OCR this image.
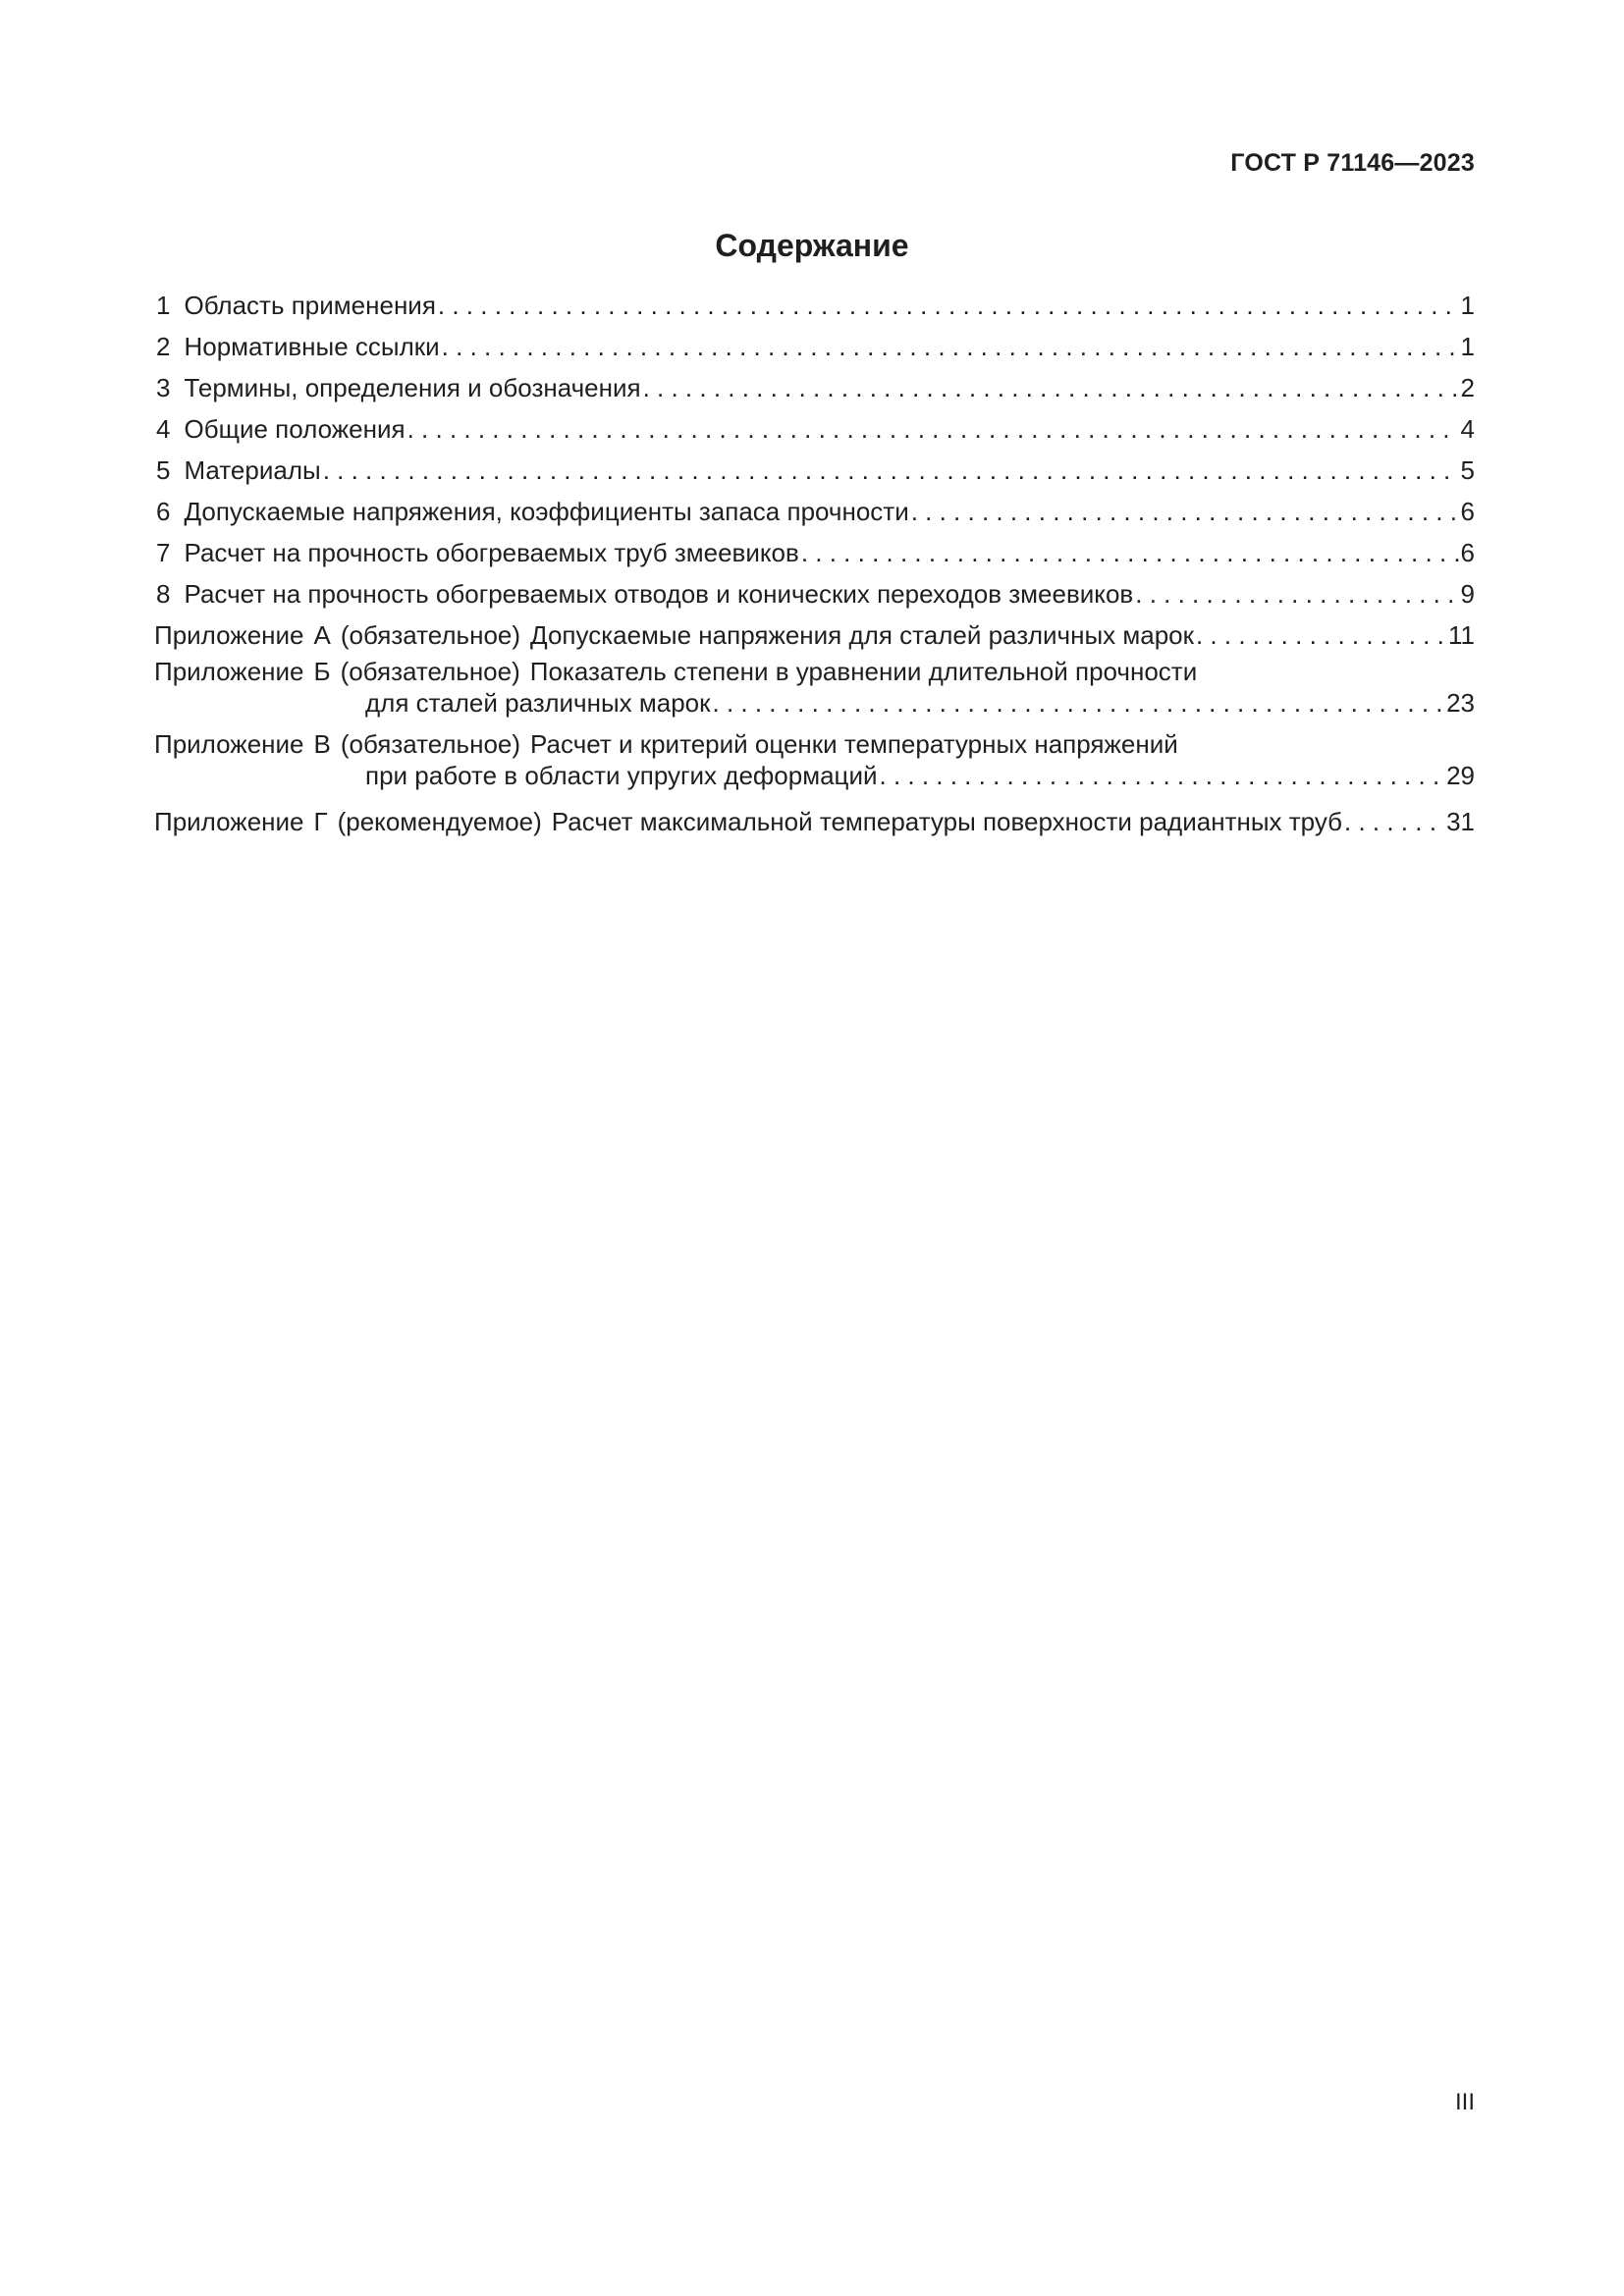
ГОСТ Р 71146—2023
Содержание
1 Область применения . . .	1
2 Нормативные ссылки . . .	1
3 Термины, определения и обозначения . . .	2
4 Общие положения . . .	4
5 Материалы . . .	5
6 Допускаемые напряжения, коэффициенты запаса прочности . . .	6
7 Расчет на прочность обогреваемых труб змеевиков . . .	6
8 Расчет на прочность обогреваемых отводов и конических переходов змеевиков . . .	9
Приложение А (обязательное) Допускаемые напряжения для сталей различных марок . . .	11
Приложение Б (обязательное) Показатель степени в уравнении длительной прочности
для сталей различных марок . . .	23
Приложение В (обязательное) Расчет и критерий оценки температурных напряжений
при работе в области упругих деформаций . . .	29
Приложение Г (рекомендуемое) Расчет максимальной температуры поверхности радиантных труб . . .	31
III
